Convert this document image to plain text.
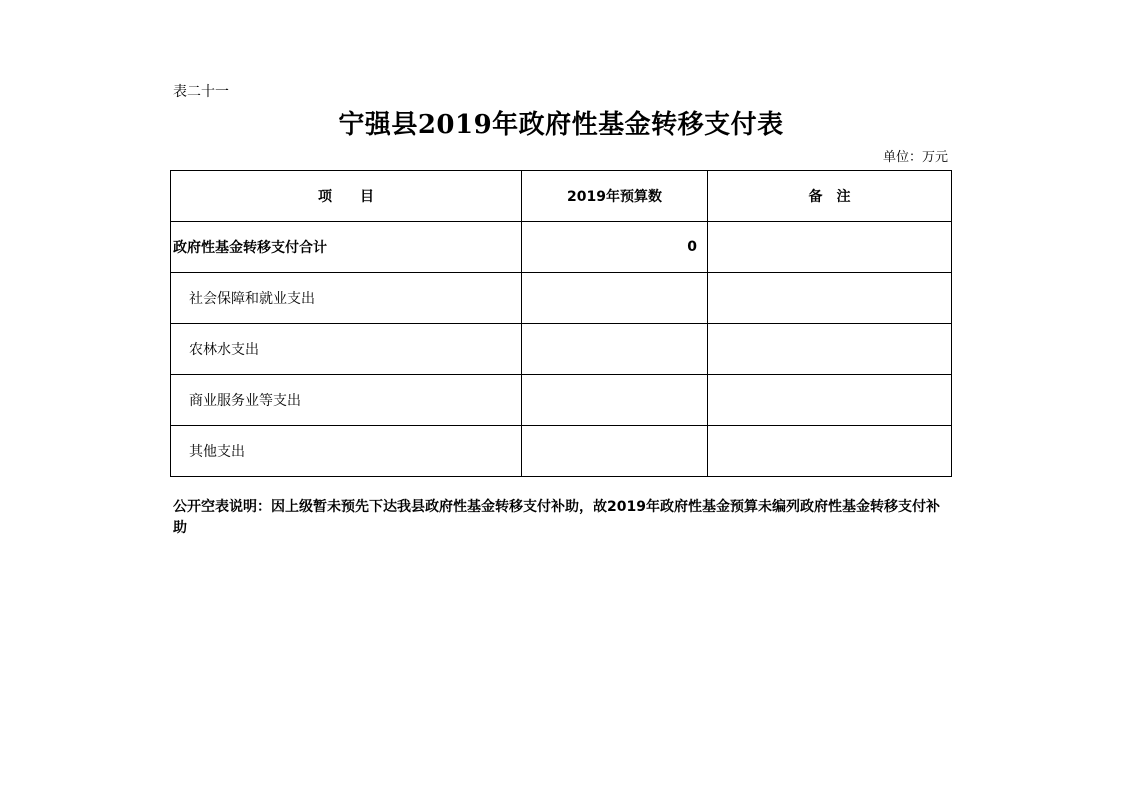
表二十一
宁强县2019年政府性基金转移支付表
单位：万元
项　　目	2019年预算数	备　注
政府性基金转移支付合计	0	
社会保障和就业支出		
农林水支出		
商业服务业等支出		
其他支出		
公开空表说明：因上级暂未预先下达我县政府性基金转移支付补助，故2019年政府性基金预算未编列政府性基金转移支付补助
